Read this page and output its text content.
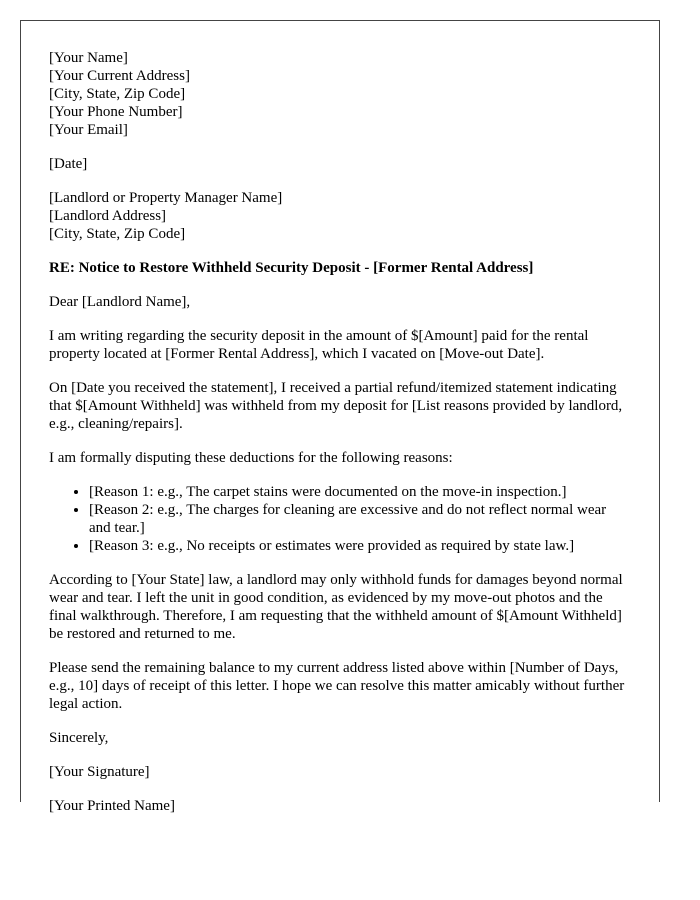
[Your Name]

[Your Current Address]

[City, State, Zip Code]

[Your Phone Number]

[Your Email]

[Date]

[Landlord or Property Manager Name]

[Landlord Address]

[City, State, Zip Code]

RE: Notice to Restore Withheld Security Deposit - [Former Rental Address]

Dear [Landlord Name],

I am writing regarding the security deposit in the amount of $[Amount] paid for the rental property located at [Former Rental Address], which I vacated on [Move-out Date].

On [Date you received the statement], I received a partial refund/itemized statement indicating that $[Amount Withheld] was withheld from my deposit for [List reasons provided by landlord, e.g., cleaning/repairs].

I am formally disputing these deductions for the following reasons:

• [Reason 1: e.g., The carpet stains were documented on the move-in inspection.]
• [Reason 2: e.g., The charges for cleaning are excessive and do not reflect normal wear and tear.]
• [Reason 3: e.g., No receipts or estimates were provided as required by state law.]

According to [Your State] law, a landlord may only withhold funds for damages beyond normal wear and tear. I left the unit in good condition, as evidenced by my move-out photos and the final walkthrough. Therefore, I am requesting that the withheld amount of $[Amount Withheld] be restored and returned to me.

Please send the remaining balance to my current address listed above within [Number of Days, e.g., 10] days of receipt of this letter. I hope we can resolve this matter amicably without further legal action.

Sincerely,

[Your Signature]

[Your Printed Name]
